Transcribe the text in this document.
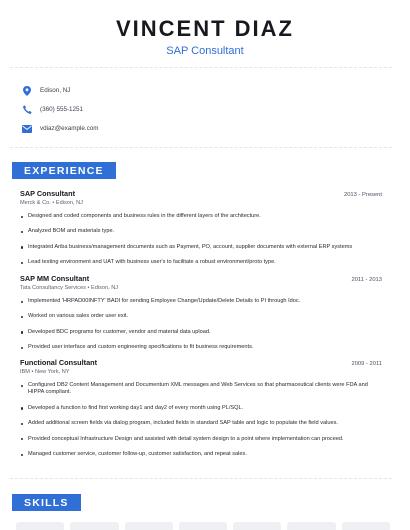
VINCENT DIAZ
SAP Consultant
Edison, NJ
(360) 555-1251
vdiaz@example.com
EXPERIENCE
SAP Consultant	2013 - Present
Merck & Co. • Edison, NJ
Designed and coded components and business rules in the different layers of the architecture.
Analyzed BOM and materials type.
Integrated Ariba business/management documents such as Payment, PO, account, supplier documents with external ERP systems
Lead testing environment and UAT with business user's to facilitate a robust environment/proto type.
SAP MM Consultant	2011 - 2013
Tata Consultancy Services • Edison, NJ
Implemented 'HRPAD00INFTY' BADI for sending Employee Change/Update/Delete Details to PI through Idoc.
Worked on various sales order user exit.
Developed BDC programs for customer, vendor and material data upload.
Provided user interface and custom engineering specifications to fit business requirements.
Functional Consultant	2009 - 2011
IBM • New York, NY
Configured DB2 Content Management and Documentum XML messages and Web Services so that pharmaceutical clients were FDA and HIPPA compliant.
Developed a function to find first working day1 and day2 of every month using PL/SQL.
Added additional screen fields via dialog program, included fields in standard SAP table and logic to populate the field values.
Provided conceptual Infrastructure Design and assisted with detail system design to a point where implementation can proceed.
Managed customer service, customer follow-up, customer satisfaction, and repeat sales.
SKILLS
